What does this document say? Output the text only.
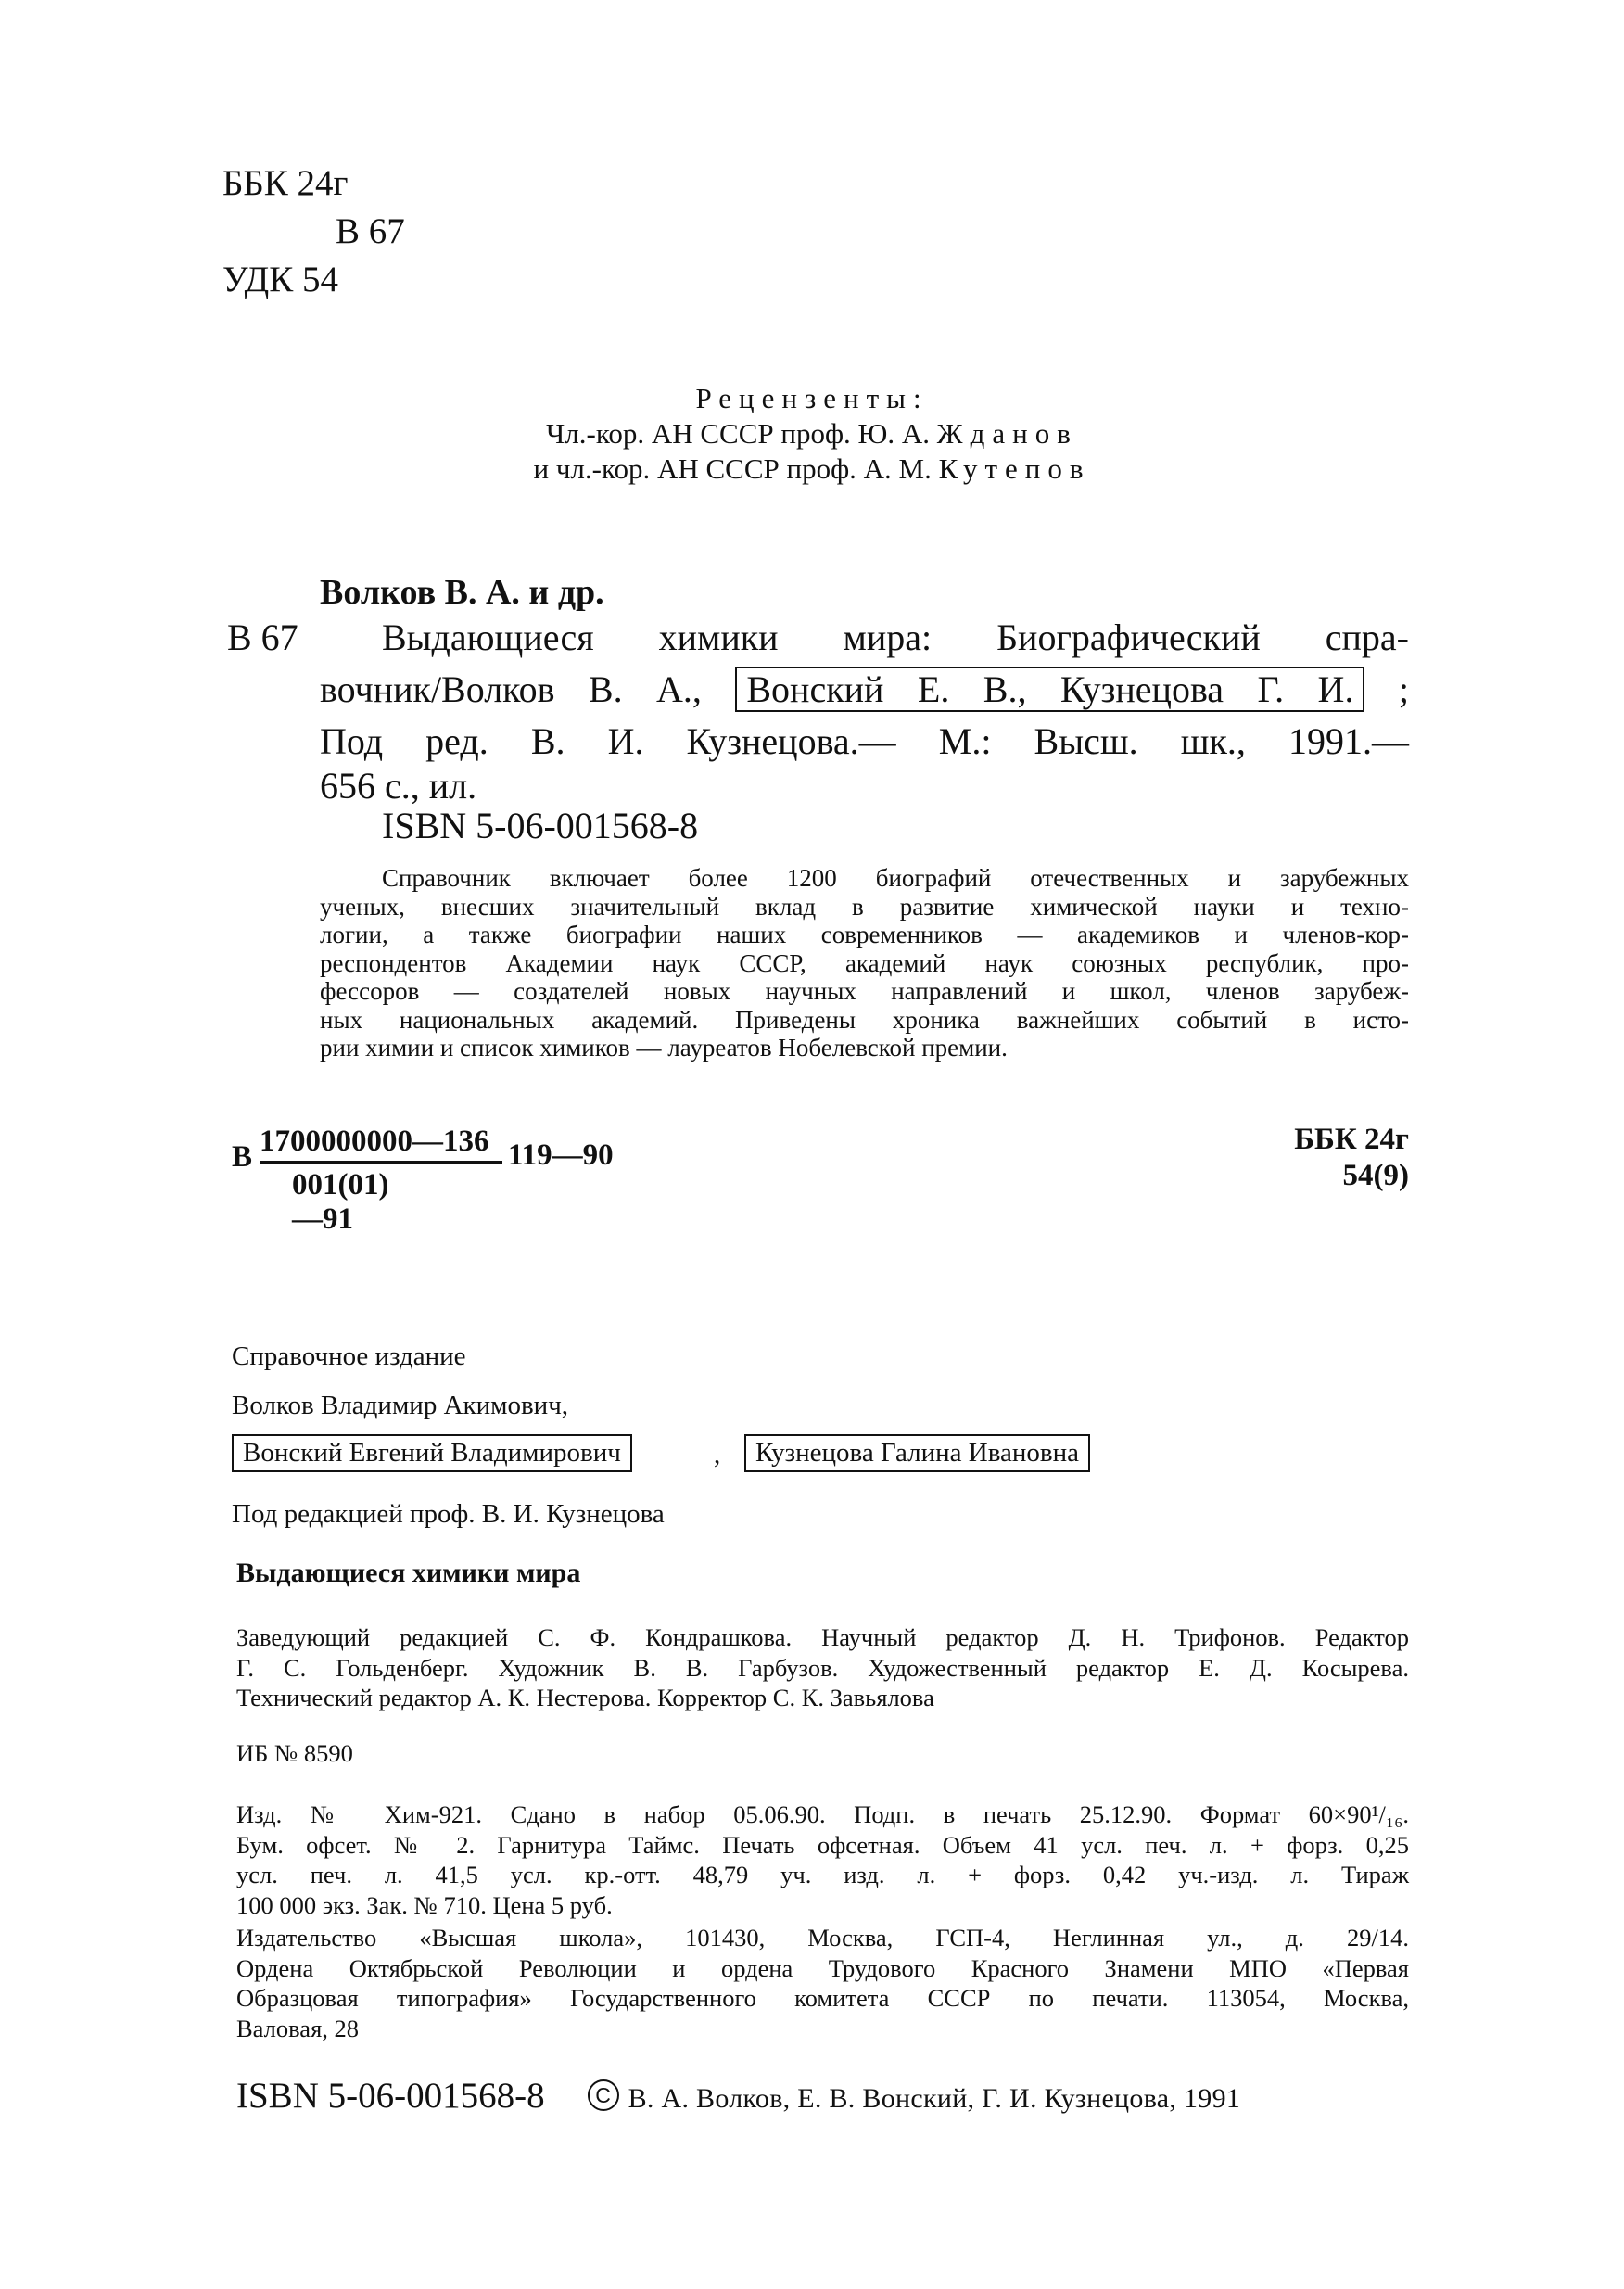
ББК 24г
В 67
УДК 54
Рецензенты:
Чл.-кор. АН СССР проф. Ю. А. Жданов
и чл.-кор. АН СССР проф. А. М. Кутепов
Волков В. А. и др.
В 67 Выдающиеся химики мира: Биографический спра-
вочник/Волков В. А., Вонский Е. В., Кузнецова Г. И. ;
Под ред. В. И. Кузнецова.— М.: Высш. шк., 1991.—
656 с., ил.
ISBN 5-06-001568-8
Справочник включает более 1200 биографий отечественных и зарубежных
ученых, внесших значительный вклад в развитие химической науки и техно-
логии, а также биографии наших современников — академиков и членов-кор-
респондентов Академии наук СССР, академий наук союзных республик, про-
фессоров — создателей новых научных направлений и школ, членов зарубеж-
ных национальных академий. Приведены хроника важнейших событий в исто-
рии химии и список химиков — лауреатов Нобелевской премии.
В
$\frac{1700000000—136}{001(01)—91}$
119—90	ББК 24г
54(9)
Справочное издание
Волков Владимир Акимович,
Вонский Евгений Владимирович	,	Кузнецова Галина Ивановна
Под редакцией проф. В. И. Кузнецова
Выдающиеся химики мира
Заведующий редакцией С. Ф. Кондрашкова. Научный редактор Д. Н. Трифонов. Редактор
Г. С. Гольденберг. Художник В. В. Гарбузов. Художественный редактор Е. Д. Косырева.
Технический редактор А. К. Нестерова. Корректор С. К. Завьялова
ИБ № 8590
Изд. № Хим-921. Сдано в набор 05.06.90. Подп. в печать 25.12.90. Формат 60×90¹/₁₆.
Бум. офсет. № 2. Гарнитура Таймс. Печать офсетная. Объем 41 усл. печ. л. + форз. 0,25
усл. печ. л. 41,5 усл. кр.-отт. 48,79 уч. изд. л. + форз. 0,42 уч.-изд. л. Тираж
100 000 экз. Зак. № 710. Цена 5 руб.
Издательство «Высшая школа», 101430, Москва, ГСП-4, Неглинная ул., д. 29/14.
Ордена Октябрьской Революции и ордена Трудового Красного Знамени МПО «Первая
Образцовая типография» Государственного комитета СССР по печати. 113054, Москва,
Валовая, 28
ISBN 5-06-001568-8 C В. А. Волков, Е. В. Вонский, Г. И. Кузнецова, 1991
